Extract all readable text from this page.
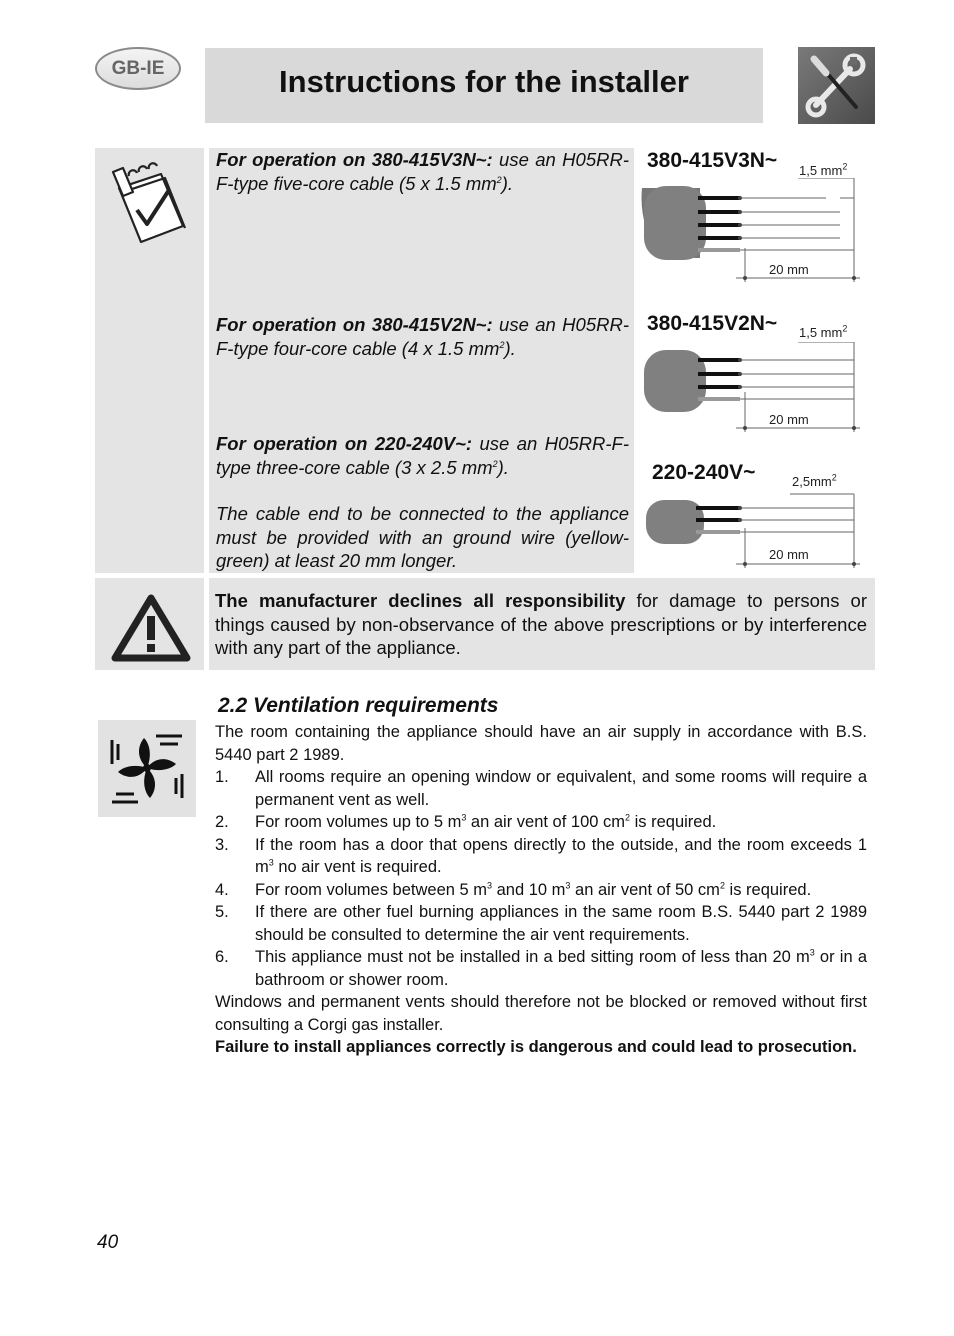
GB-IE	Instructions for the installer
For operation on 380-415V3N~: use an H05RR-F-type five-core cable (5 x 1.5 $mm^2$).
For operation on 380-415V2N~: use an H05RR-F-type four-core cable (4 x 1.5 $mm^2$).
For operation on 220-240V~: use an H05RR-F-type three-core cable (3 x 2.5 $mm^2$).
The cable end to be connected to the appliance must be provided with an ground wire (yellow-green) at least 20 mm longer.
380-415V3N~ 1,5 $mm^2$
20 mm
380-415V2N~ 1,5 $mm^2$
20 mm
220-240V~	$2,5mm^2$
20 mm
The manufacturer declines all responsibility for damage to persons or things caused by non-observance of the above prescriptions or by interference with any part of the appliance.
2.2 Ventilation requirements

The room containing the appliance should have an air supply in accordance with B.S. 5440 part 2 1989.

1.	All rooms require an opening window or equivalent, and some rooms will require a permanent vent as well.
2.	For room volumes up to 5 $m^3$ an air vent of 100 $cm^2$ is required.
3.	If the room has a door that opens directly to the outside, and the room exceeds 1 $m^3$ no air vent is required.
4.	For room volumes between 5 $m^3$ and 10 $m^3$ an air vent of 50 $cm^2$ is required.
5.	If there are other fuel burning appliances in the same room B.S. 5440 part 2 1989 should be consulted to determine the air vent requirements.
6.	This appliance must not be installed in a bed sitting room of less than 20 $m^3$ or in a bathroom or shower room.

Windows and permanent vents should therefore not be blocked or removed without first consulting a Corgi gas installer.

Failure to install appliances correctly is dangerous and could lead to prosecution.

40
